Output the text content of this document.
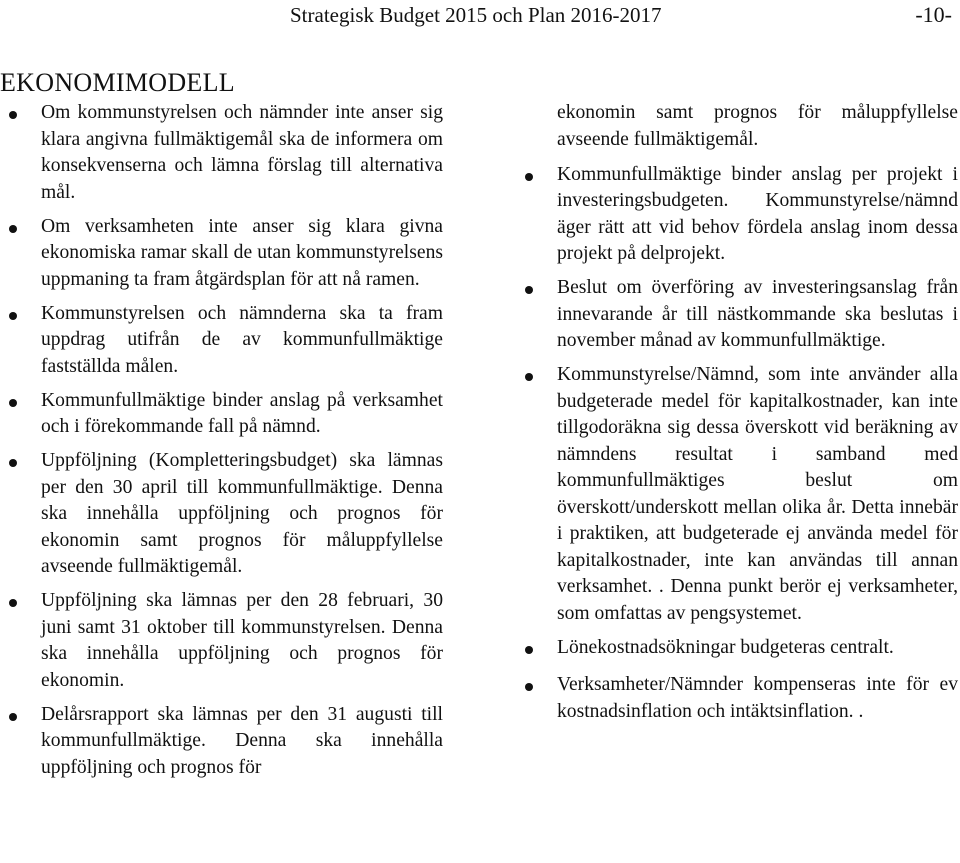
Strategisk Budget 2015 och Plan 2016-2017	-10-
EKONOMIMODELL
Om kommunstyrelsen och nämnder inte anser sig klara angivna fullmäktigemål ska de informera om konsekvenserna och lämna förslag till alternativa mål.
Om verksamheten inte anser sig klara givna ekonomiska ramar skall de utan kommunstyrelsens uppmaning ta fram åtgärdsplan för att nå ramen.
Kommunstyrelsen och nämnderna ska ta fram uppdrag utifrån de av kommunfullmäktige fastställda målen.
Kommunfullmäktige binder anslag på verksamhet och i förekommande fall på nämnd.
Uppföljning (Kompletteringsbudget) ska lämnas per den 30 april till kommunfullmäktige. Denna ska innehålla uppföljning och prognos för ekonomin samt prognos för måluppfyllelse avseende fullmäktigemål.
Uppföljning ska lämnas per den 28 februari, 30 juni samt 31 oktober till kommunstyrelsen. Denna ska innehålla uppföljning och prognos för ekonomin.
Delårsrapport ska lämnas per den 31 augusti till kommunfullmäktige. Denna ska innehålla uppföljning och prognos för
ekonomin samt prognos för måluppfyllelse avseende fullmäktigemål.
Kommunfullmäktige binder anslag per projekt i investeringsbudgeten. Kommunstyrelse/nämnd äger rätt att vid behov fördela anslag inom dessa projekt på delprojekt.
Beslut om överföring av investeringsanslag från innevarande år till nästkommande ska beslutas i november månad av kommunfullmäktige.
Kommunstyrelse/Nämnd, som inte använder alla budgeterade medel för kapitalkostnader, kan inte tillgodoräkna sig dessa överskott vid beräkning av nämndens resultat i samband med kommunfullmäktiges beslut om överskott/underskott mellan olika år. Detta innebär i praktiken, att budgeterade ej använda medel för kapitalkostnader, inte kan användas till annan verksamhet. . Denna punkt berör ej verksamheter, som omfattas av pengsystemet.
Lönekostnadsökningar budgeteras centralt.
Verksamheter/Nämnder kompenseras inte för ev kostnadsinflation och intäktsinflation. .
